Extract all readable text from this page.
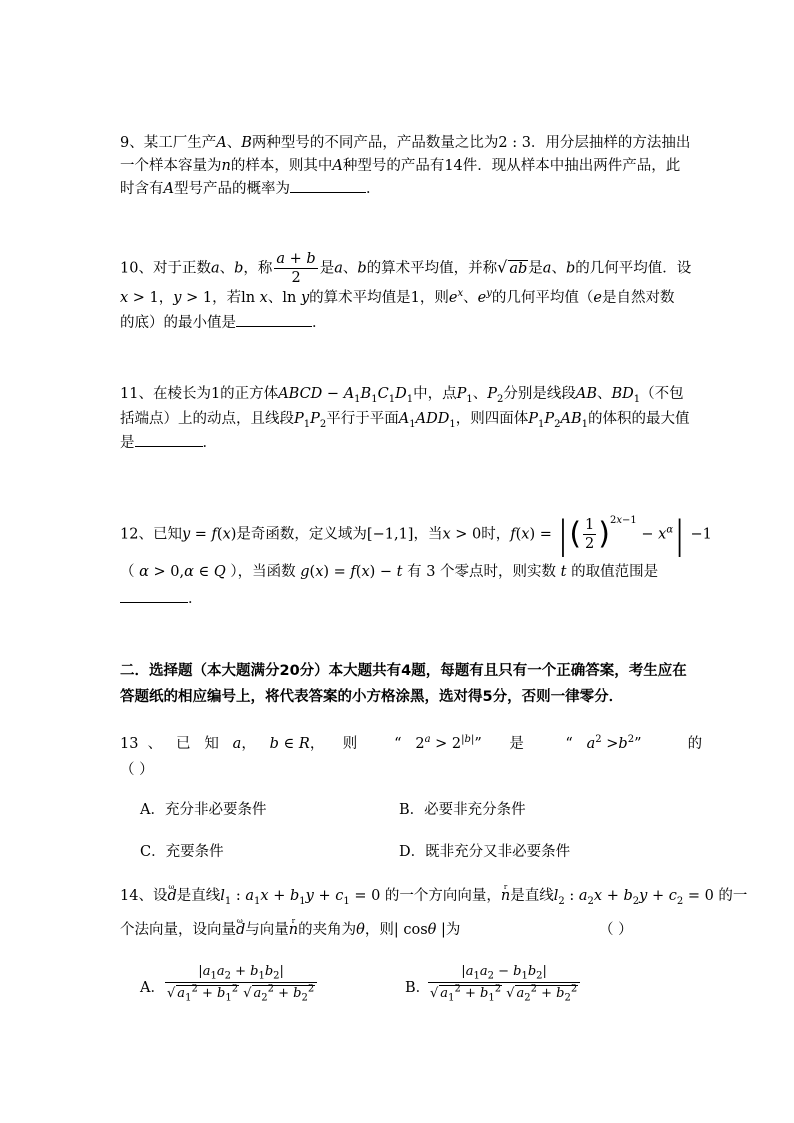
9、某工厂生产A、B两种型号的不同产品，产品数量之比为2 : 3．用分层抽样的方法抽出
一个样本容量为n的样本，则其中A种型号的产品有14件．现从样本中抽出两件产品，此
时含有A型号产品的概率为	．
10、对于正数a、b，称 $\frac{a + b}{2}$ 是a、b的算术平均值，并称√ ab是a、b的几何平均值．设
x > 1，y > 1，若ln x、ln y的算术平均值是1，则$e^x$、$e^y$的几何平均值（e是自然对数
的底）的最小值是	．
11、在棱长为1的正方体ABCD − $A_1B_1C_1D_1$中，点$P_1$、$P_2$分别是线段AB、$BD_1$（不包
括端点）上的动点，且线段$P_1P_2$平行于平面$A_1ADD_1$，则四面体$P_1P_2AB_1$的体积的最大值
是	．
12、已知y = f(x)是奇函数，定义域为[−1,1]，当x > 0时，f(x) = |( $\frac{1}{2} )^{2x-1} - x^\alpha| -1$
（ α > 0,α ∈ Q ），当函数 g(x) = f(x) − t 有 3 个零点时，则实数 t 的取值范围是
．
二．选择题（本大题满分20分）本大题共有4题，每题有且只有一个正确答案，考生应在
答题纸的相应编号上，将代表答案的小方格涂黑，选对得5分，否则一律零分．
13  、   已   知   a，   b ∈ R，    则        “   $2^a > 2^{|b|}$”      是         “   $a^2 >b^2$”          的
（ ）
A．充分非必要条件	B．必要非充分条件
C．充要条件	D．既非充分又非必要条件
14、设ω d是直线$l_1$ : $a_1x + b_1y + c_1 = 0$ 的一个方向向量，r n是直线$l_2$ : $a_2x + b_2y + c_2 = 0$ 的一
个法向量，设向量ω d与向量r n的夹角为θ，则| cosθ |为	（ ）
A． $\frac{|a_1a_2 + b_1b_2|}{√ a_1^2 + b_1^2 √ a_2^2 + b_2^2}$	B．
$\frac{|a_1a_2 - b_1b_2|}{√ a_1^2 + b_1^2 √ a_2^2 + b_2^2}$
